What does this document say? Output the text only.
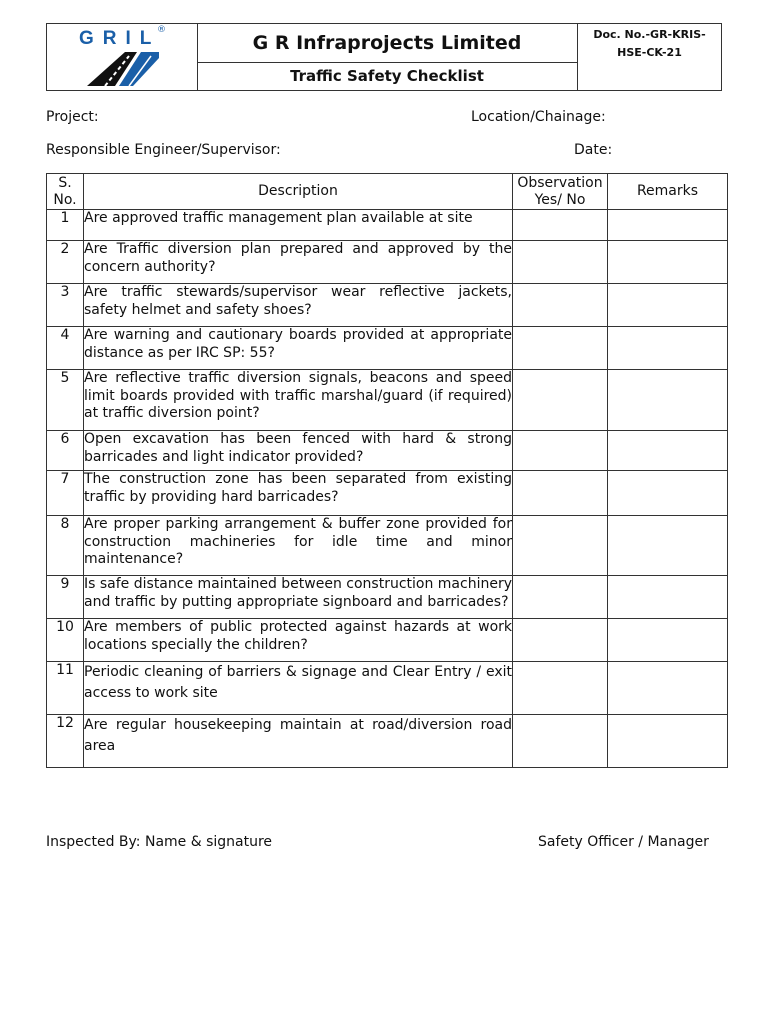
GRIL
®
G R Infraprojects Limited
Traffic Safety Checklist
Doc. No.-GR-KRIS-
HSE-CK-21
Project:	Location/Chainage:
Responsible Engineer/Supervisor:	Date:
S. No.	Description	Observation Yes/ No	Remarks
1	Are approved traffic management plan available at site		
2	Are Traffic diversion plan prepared and approved by the concern authority?		
3	Are traffic stewards/supervisor wear reflective jackets, safety helmet and safety shoes?		
4	Are warning and cautionary boards provided at appropriate distance as per IRC SP: 55?		
5	Are reflective traffic diversion signals, beacons and speed limit boards provided with traffic marshal/guard (if required) at traffic diversion point?		
6	Open excavation has been fenced with hard & strong barricades and light indicator provided?		
7	The construction zone has been separated from existing traffic by providing hard barricades?		
8	Are proper parking arrangement & buffer zone provided for construction machineries for idle time and minor maintenance?		
9	Is safe distance maintained between construction machinery and traffic by putting appropriate signboard and barricades?		
10	Are members of public protected against hazards at work locations specially the children?		
11	Periodic cleaning of barriers & signage and Clear Entry / exit access to work site		
12	Are regular housekeeping maintain at road/diversion road area		
Inspected By: Name & signature	Safety Officer / Manager
